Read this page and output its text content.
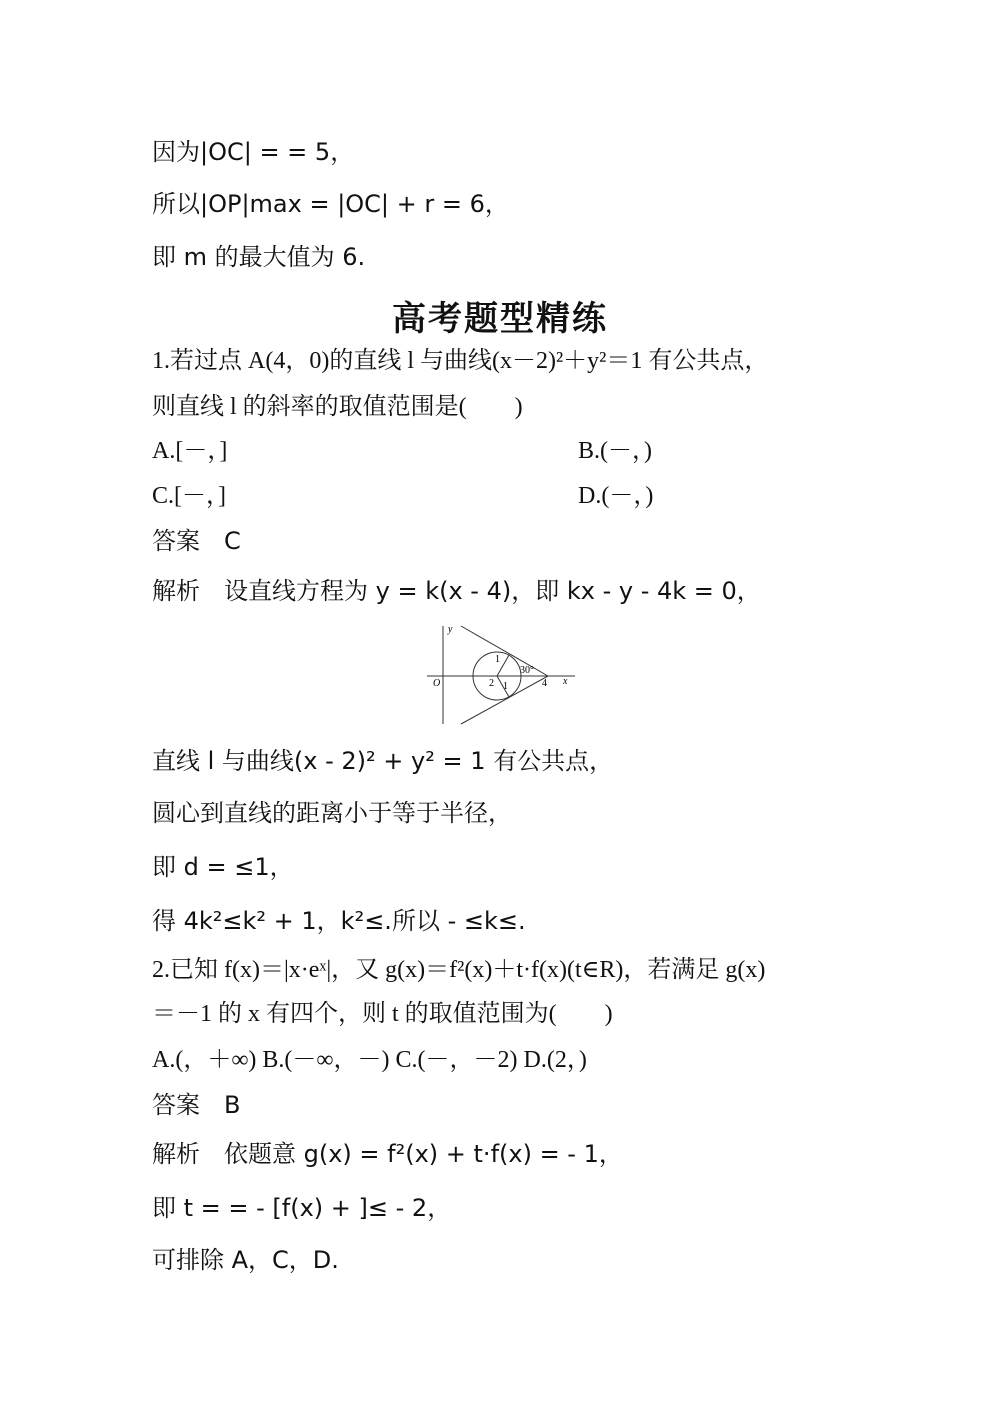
因为|OC| = = 5，
所以|OP|max = |OC| + r = 6，
即 m 的最大值为 6.
高考题型精练
1.若过点 A(4，0)的直线 l 与曲线(x－2)²＋y²＝1 有公共点，
则直线 l 的斜率的取值范围是(　　)
A.[－，]	B.(－，)
C.[－，]	D.(－，)
答案　C
解析　设直线方程为 y = k(x - 4)，即 kx - y - 4k = 0，
y
x
O	2	4
1
1
30°
直线 l 与曲线(x - 2)² + y² = 1 有公共点，
圆心到直线的距离小于等于半径，
即 d = ≤1，
得 4k²≤k² + 1，k²≤.所以 - ≤k≤.
2.已知 f(x)＝|x·eˣ|，又 g(x)＝f²(x)＋t·f(x)(t∈R)，若满足 g(x)
＝－1 的 x 有四个，则 t 的取值范围为(　　)
A.(，＋∞) B.(－∞，－) C.(－，－2) D.(2，)
答案　B
解析　依题意 g(x) = f²(x) + t·f(x) = - 1，
即 t = = - [f(x) + ]≤ - 2，
可排除 A，C，D.
